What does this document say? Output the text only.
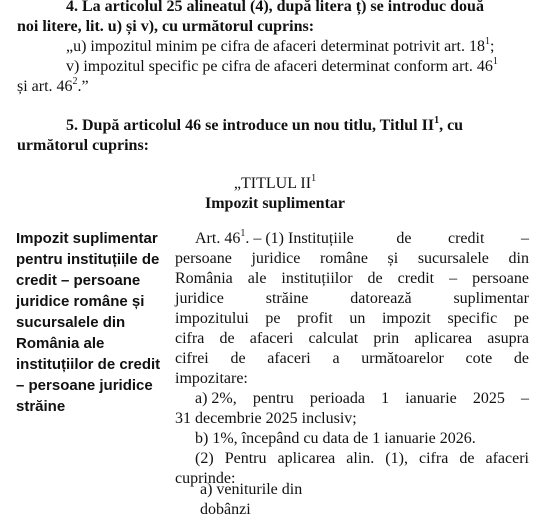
4. La articolul 25 alineatul (4), după litera ț) se introduc două
noi litere, lit. u) și v), cu următorul cuprins:
„u) impozitul minim pe cifra de afaceri determinat potrivit art. $18^1$;
v) impozitul specific pe cifra de afaceri determinat conform art. $46^1$
și art. $46^2$.”
5. După articolul 46 se introduce un nou titlu, Titlul $II^1$, cu
următorul cuprins:
„TITLUL $II^1$
Impozit suplimentar
Impozit suplimentar
pentru instituțiile de
credit – persoane
juridice române și
sucursalele din
România ale
instituțiilor de credit
– persoane juridice
străine
Art. $46^1$. – (1) Instituțiile	de credit –
persoane juridice române și sucursalele din
România ale instituțiilor de credit – persoane
juridice	străine	datorează	suplimentar
impozitului pe profit un impozit specific pe
cifra de afaceri calculat prin aplicarea asupra
cifrei de afaceri a următoarelor cote de
impozitare:
a) 2%, pentru perioada 1 ianuarie 2025 –
31 decembrie 2025 inclusiv;
b) 1%, începând cu data de 1 ianuarie 2026.
(2) Pentru aplicarea alin. (1), cifra de afaceri
cuprinde:
a) veniturile din dobânzi
